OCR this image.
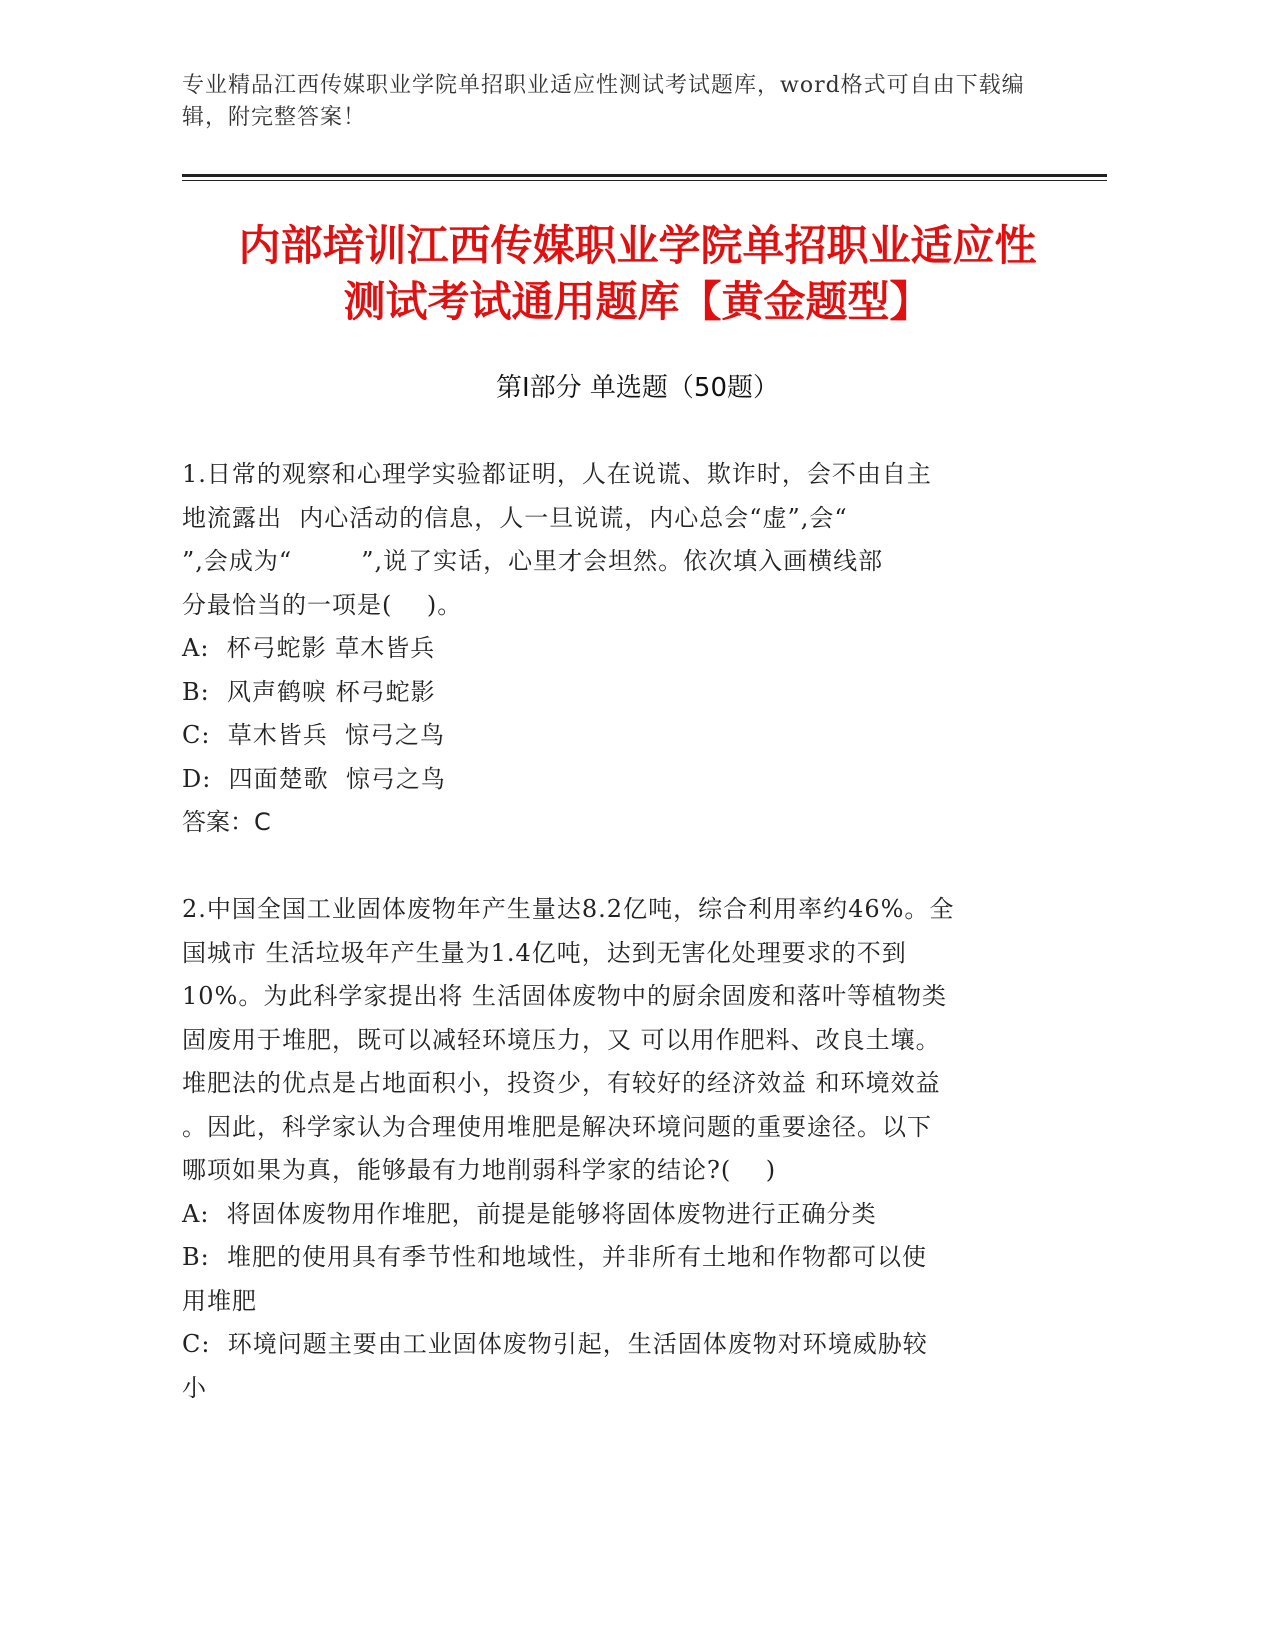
专业精品江西传媒职业学院单招职业适应性测试考试题库，word格式可自由下载编辑，附完整答案！
内部培训江西传媒职业学院单招职业适应性
测试考试通用题库【黄金题型】
第Ⅰ部分 单选题（50题）

1.日常的观察和心理学实验都证明，人在说谎、欺诈时，会不由自主

地流露出  内心活动的信息，人一旦说谎，内心总会“虚”,会“

”,会成为“        ”,说了实话，心里才会坦然。依次填入画横线部

分最恰当的一项是(    )。

A:  杯弓蛇影 草木皆兵

B:  风声鹤唳 杯弓蛇影

C:  草木皆兵  惊弓之鸟

D:  四面楚歌  惊弓之鸟

答案：C

2.中国全国工业固体废物年产生量达8.2亿吨，综合利用率约46%。全

国城市 生活垃圾年产生量为1.4亿吨，达到无害化处理要求的不到

10%。为此科学家提出将 生活固体废物中的厨余固废和落叶等植物类

固废用于堆肥，既可以减轻环境压力，又 可以用作肥料、改良土壤。

堆肥法的优点是占地面积小，投资少，有较好的经济效益 和环境效益

。因此，科学家认为合理使用堆肥是解决环境问题的重要途径。以下

哪项如果为真，能够最有力地削弱科学家的结论?(    )

A:  将固体废物用作堆肥，前提是能够将固体废物进行正确分类

B:  堆肥的使用具有季节性和地域性，并非所有土地和作物都可以使

用堆肥

C:  环境问题主要由工业固体废物引起，生活固体废物对环境威胁较

小
